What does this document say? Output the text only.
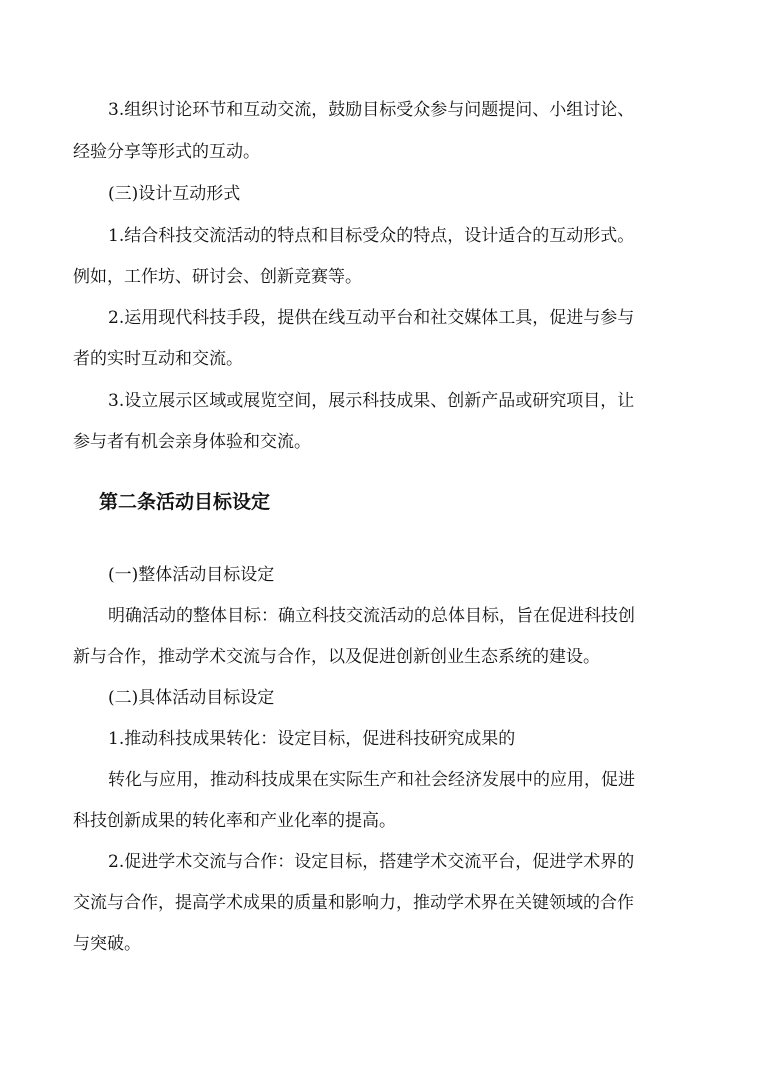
3.组织讨论环节和互动交流，鼓励目标受众参与问题提问、小组讨论、
经验分享等形式的互动。
(三)设计互动形式
1.结合科技交流活动的特点和目标受众的特点，设计适合的互动形式。
例如，工作坊、研讨会、创新竞赛等。
2.运用现代科技手段，提供在线互动平台和社交媒体工具，促进与参与
者的实时互动和交流。
3.设立展示区域或展览空间，展示科技成果、创新产品或研究项目，让
参与者有机会亲身体验和交流。
第二条活动目标设定
(一)整体活动目标设定
明确活动的整体目标：确立科技交流活动的总体目标，旨在促进科技创
新与合作，推动学术交流与合作，以及促进创新创业生态系统的建设。
(二)具体活动目标设定
1.推动科技成果转化：设定目标，促进科技研究成果的
转化与应用，推动科技成果在实际生产和社会经济发展中的应用，促进
科技创新成果的转化率和产业化率的提高。
2.促进学术交流与合作：设定目标，搭建学术交流平台，促进学术界的
交流与合作，提高学术成果的质量和影响力，推动学术界在关键领域的合作
与突破。
